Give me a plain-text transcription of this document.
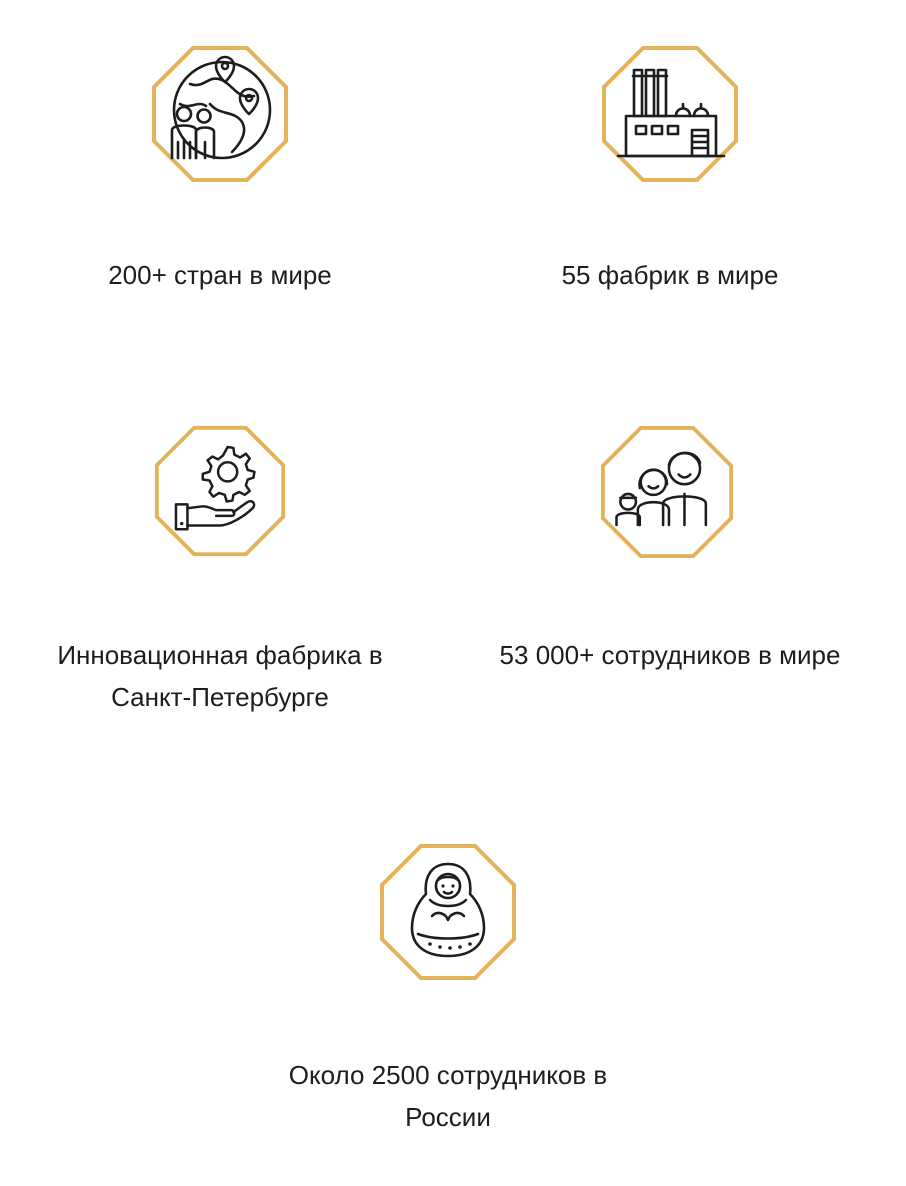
200+ стран в мире	55 фабрик в мире
Инновационная фабрика в
Санкт-Петербурге
53 000+ сотрудников в мире
Около 2500 сотрудников в
России
